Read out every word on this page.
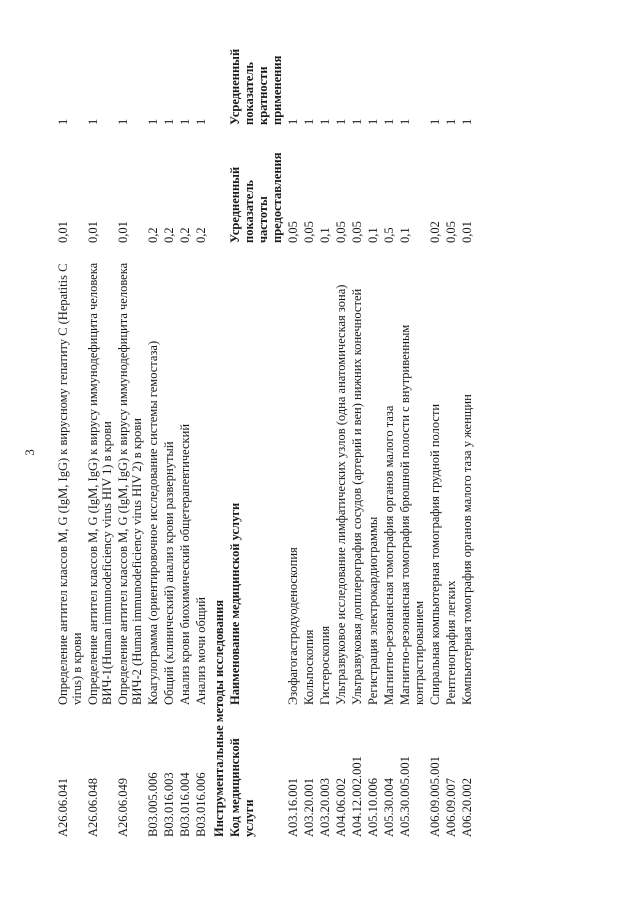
3
A26.06.041	Определение антител классов M, G (IgM, IgG) к вирусному гепатиту C (Hepatitis C virus) в крови	0,01	1
A26.06.048	Определение антител классов M, G (IgM, IgG) к вирусу иммунодефицита человека ВИЧ-1(Human immunodeficiency virus HIV 1) в крови	0,01	1
A26.06.049	Определение антител классов M, G (IgM, IgG) к вирусу иммунодефицита человека ВИЧ-2 (Human immunodeficiency virus HIV 2) в крови	0,01	1
B03.005.006	Коагулограмма (ориентировочное исследование системы гемостаза)	0,2	1
B03.016.003	Общий (клинический) анализ крови развернутый	0,2	1
B03.016.004	Анализ крови биохимический общетерапевтический	0,2	1
B03.016.006	Анализ мочи общий	0,2	1
Инструментальные методы исследования			
Код медицинской услуги	Наименование медицинской услуги	Усредненный показатель частоты предоставления	Усредненный показатель кратности применения
A03.16.001	Эзофагогастродуоденоскопия	0,05	1
A03.20.001	Кольпоскопия	0,05	1
A03.20.003	Гистероскопия	0,1	1
A04.06.002	Ультразвуковое исследование лимфатических узлов (одна анатомическая зона)	0,05	1
A04.12.002.001	Ультразвуковая допплерография сосудов (артерий и вен) нижних конечностей	0,05	1
A05.10.006	Регистрация электрокардиограммы	0,1	1
A05.30.004	Магнитно-резонансная томография органов малого таза	0,5	1
A05.30.005.001	Магнитно-резонансная томография брюшной полости с внутривенным контрастированием	0,1	1
A06.09.005.001	Спиральная компьютерная томография грудной полости	0,02	1
A06.09.007	Рентгенография легких	0,05	1
A06.20.002	Компьютерная томография органов малого таза у женщин	0,01	1
